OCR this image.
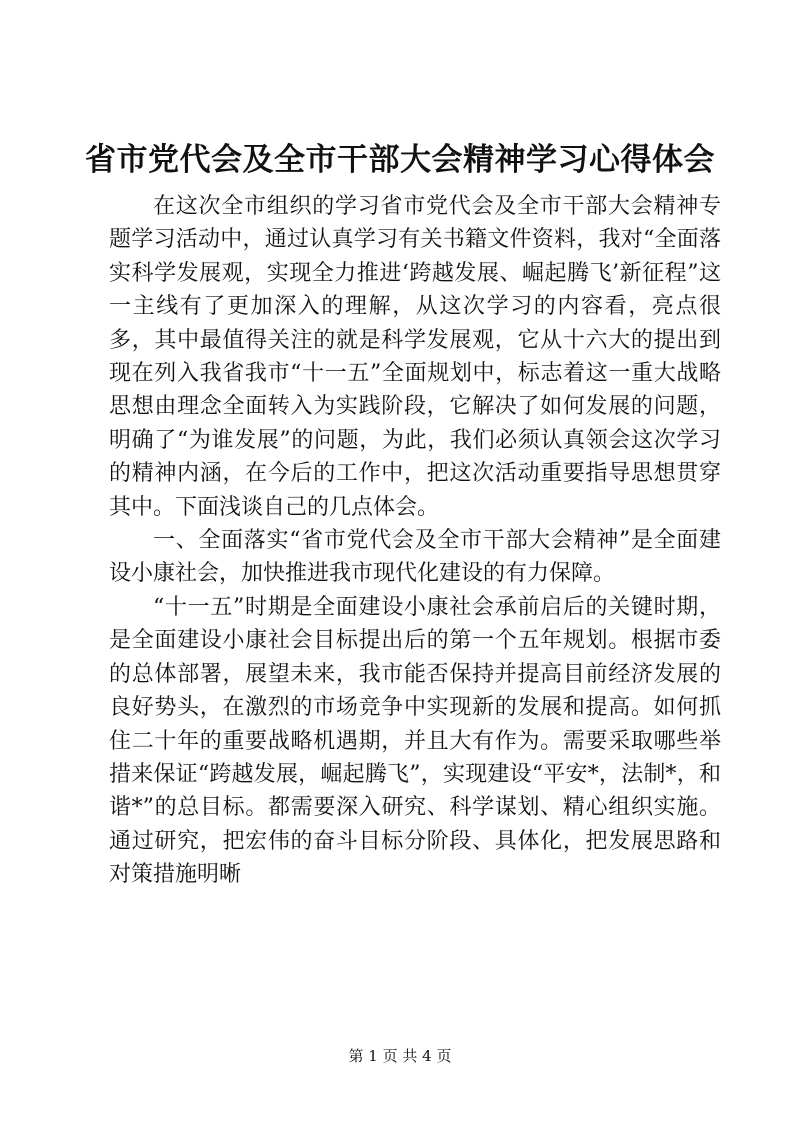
省市党代会及全市干部大会精神学习心得体会

在这次全市组织的学习省市党代会及全市干部大会精神专题学习活动中，通过认真学习有关书籍文件资料，我对“全面落实科学发展观，实现全力推进‘跨越发展、崛起腾飞’新征程”这一主线有了更加深入的理解，从这次学习的内容看，亮点很多，其中最值得关注的就是科学发展观，它从十六大的提出到现在列入我省我市“十一五”全面规划中，标志着这一重大战略思想由理念全面转入为实践阶段，它解决了如何发展的问题，明确了“为谁发展”的问题，为此，我们必须认真领会这次学习的精神内涵，在今后的工作中，把这次活动重要指导思想贯穿其中。下面浅谈自己的几点体会。

一、全面落实“省市党代会及全市干部大会精神”是全面建设小康社会，加快推进我市现代化建设的有力保障。

“十一五”时期是全面建设小康社会承前启后的关键时期，是全面建设小康社会目标提出后的第一个五年规划。根据市委的总体部署，展望未来，我市能否保持并提高目前经济发展的良好势头，在激烈的市场竞争中实现新的发展和提高。如何抓住二十年的重要战略机遇期，并且大有作为。需要采取哪些举措来保证“跨越发展，崛起腾飞”，实现建设“平安*，法制*，和谐*”的总目标。都需要深入研究、科学谋划、精心组织实施。通过研究，把宏伟的奋斗目标分阶段、具体化，把发展思路和对策措施明晰

第 1 页 共 4 页
